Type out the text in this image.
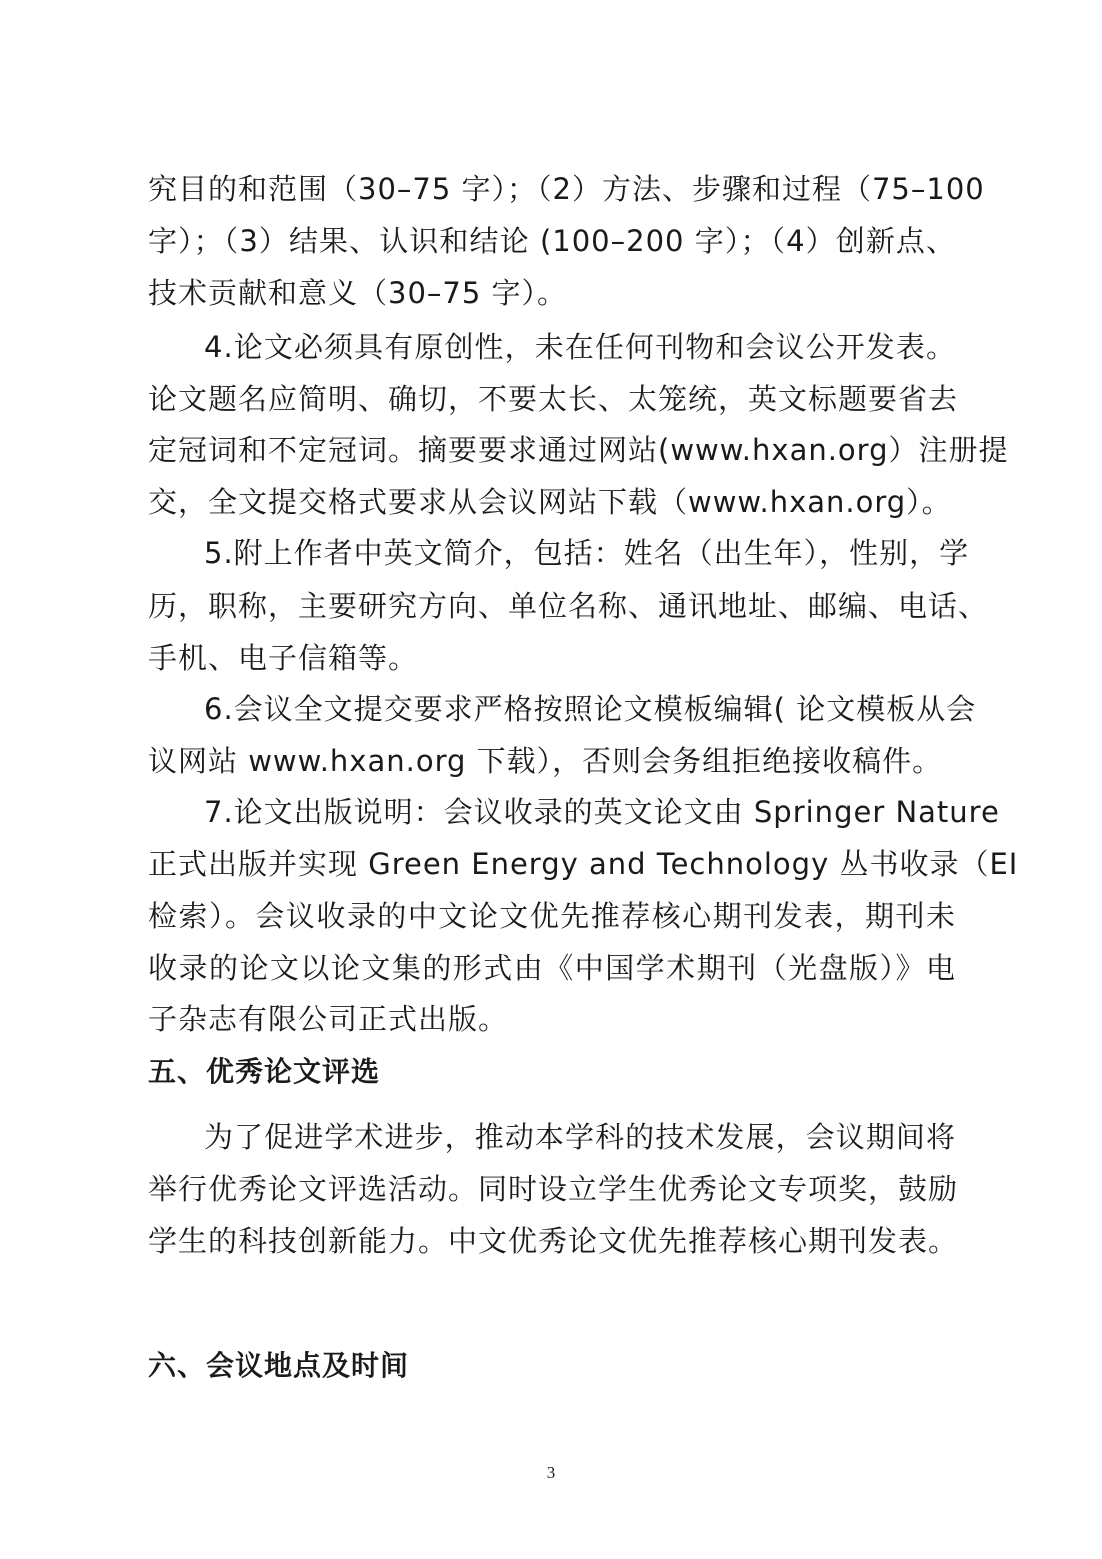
究目的和范围（30–75 字）；（2）方法、步骤和过程（75–100
字）；（3）结果、认识和结论 (100–200 字）；（4）创新点、
技术贡献和意义（30–75 字）。
4.论文必须具有原创性，未在任何刊物和会议公开发表。
论文题名应简明、确切，不要太长、太笼统，英文标题要省去
定冠词和不定冠词。摘要要求通过网站(www.hxan.org）注册提
交，全文提交格式要求从会议网站下载（www.hxan.org）。
5.附上作者中英文简介，包括：姓名（出生年），性别，学
历，职称，主要研究方向、单位名称、通讯地址、邮编、电话、
手机、电子信箱等。
6.会议全文提交要求严格按照论文模板编辑( 论文模板从会
议网站 www.hxan.org 下载），否则会务组拒绝接收稿件。
7.论文出版说明：会议收录的英文论文由 Springer Nature
正式出版并实现 Green Energy and Technology 丛书收录（EI
检索）。会议收录的中文论文优先推荐核心期刊发表，期刊未
收录的论文以论文集的形式由《中国学术期刊（光盘版）》电
子杂志有限公司正式出版。
五、优秀论文评选
为了促进学术进步，推动本学科的技术发展，会议期间将
举行优秀论文评选活动。同时设立学生优秀论文专项奖，鼓励
学生的科技创新能力。中文优秀论文优先推荐核心期刊发表。
六、会议地点及时间
3
